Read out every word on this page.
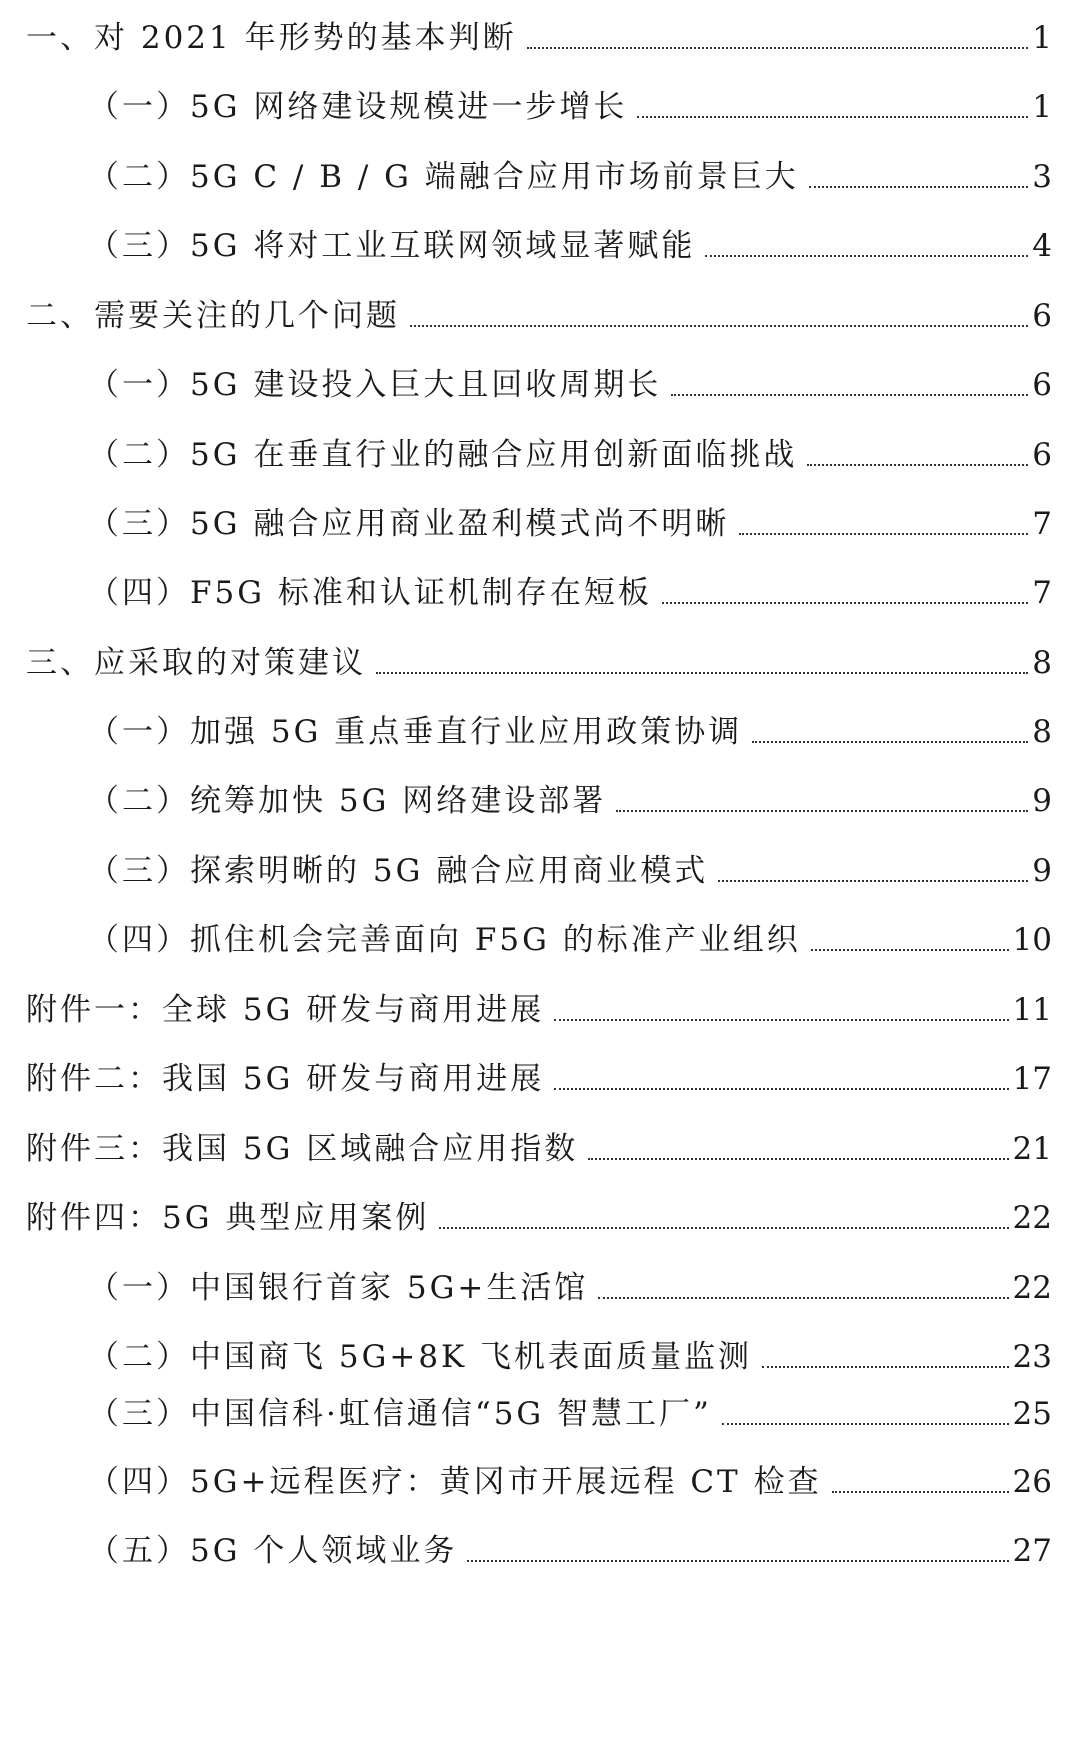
一、对 2021 年形势的基本判断	1
（一）5G 网络建设规模进一步增长	1
（二）5G C / B / G 端融合应用市场前景巨大	3
（三）5G 将对工业互联网领域显著赋能	4
二、需要关注的几个问题	6
（一）5G 建设投入巨大且回收周期长	6
（二）5G 在垂直行业的融合应用创新面临挑战	6
（三）5G 融合应用商业盈利模式尚不明晰	7
（四）F5G 标准和认证机制存在短板	7
三、应采取的对策建议	8
（一）加强 5G 重点垂直行业应用政策协调	8
（二）统筹加快 5G 网络建设部署	9
（三）探索明晰的 5G 融合应用商业模式	9
（四）抓住机会完善面向 F5G 的标准产业组织	10
附件一：全球 5G 研发与商用进展	11
附件二：我国 5G 研发与商用进展	17
附件三：我国 5G 区域融合应用指数	21
附件四：5G 典型应用案例	22
（一）中国银行首家 5G+生活馆	22
（二）中国商飞 5G+8K 飞机表面质量监测	23
（三）中国信科·虹信通信“5G 智慧工厂”	25
（四）5G+远程医疗：黄冈市开展远程 CT 检查	26
（五）5G 个人领域业务	27
